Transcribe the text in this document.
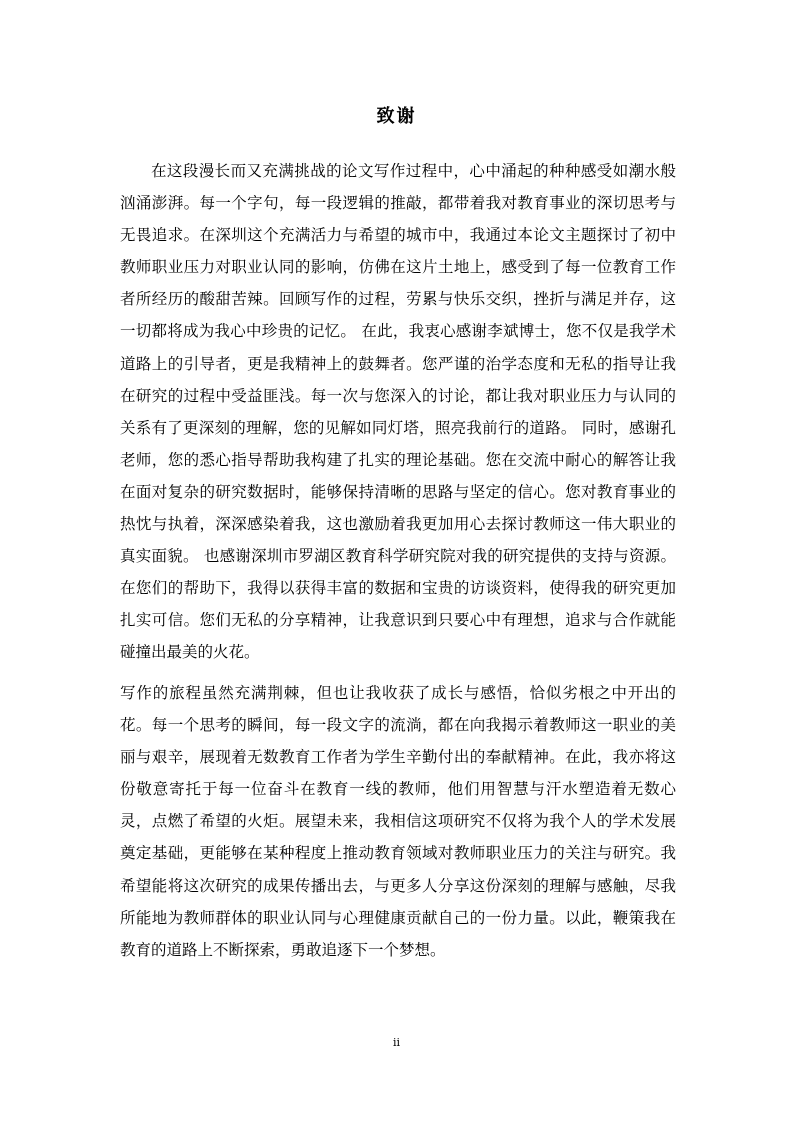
致谢

在这段漫长而又充满挑战的论文写作过程中，心中涌起的种种感受如潮水般汹涌澎湃。每一个字句，每一段逻辑的推敲，都带着我对教育事业的深切思考与无畏追求。在深圳这个充满活力与希望的城市中，我通过本论文主题探讨了初中教师职业压力对职业认同的影响，仿佛在这片土地上，感受到了每一位教育工作者所经历的酸甜苦辣。回顾写作的过程，劳累与快乐交织，挫折与满足并存，这一切都将成为我心中珍贵的记忆。 在此，我衷心感谢李斌博士，您不仅是我学术道路上的引导者，更是我精神上的鼓舞者。您严谨的治学态度和无私的指导让我在研究的过程中受益匪浅。每一次与您深入的讨论，都让我对职业压力与认同的关系有了更深刻的理解，您的见解如同灯塔，照亮我前行的道路。 同时，感谢孔老师，您的悉心指导帮助我构建了扎实的理论基础。您在交流中耐心的解答让我在面对复杂的研究数据时，能够保持清晰的思路与坚定的信心。您对教育事业的热忱与执着，深深感染着我，这也激励着我更加用心去探讨教师这一伟大职业的真实面貌。 也感谢深圳市罗湖区教育科学研究院对我的研究提供的支持与资源。在您们的帮助下，我得以获得丰富的数据和宝贵的访谈资料，使得我的研究更加扎实可信。您们无私的分享精神，让我意识到只要心中有理想，追求与合作就能碰撞出最美的火花。

写作的旅程虽然充满荆棘，但也让我收获了成长与感悟，恰似劣根之中开出的花。每一个思考的瞬间，每一段文字的流淌，都在向我揭示着教师这一职业的美丽与艰辛，展现着无数教育工作者为学生辛勤付出的奉献精神。在此，我亦将这份敬意寄托于每一位奋斗在教育一线的教师，他们用智慧与汗水塑造着无数心灵，点燃了希望的火炬。展望未来，我相信这项研究不仅将为我个人的学术发展奠定基础，更能够在某种程度上推动教育领域对教师职业压力的关注与研究。我希望能将这次研究的成果传播出去，与更多人分享这份深刻的理解与感触，尽我所能地为教师群体的职业认同与心理健康贡献自己的一份力量。以此，鞭策我在教育的道路上不断探索，勇敢追逐下一个梦想。

ii
